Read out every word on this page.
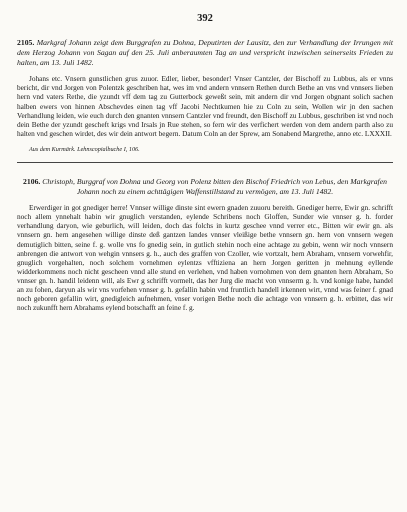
392
2105. Markgraf Johann zeigt dem Burggrafen zu Dohna, Deputirten der Lausitz, den zur Verhandlung der Irrungen mit dem Herzog Johann von Sagan auf den 25. Juli anberaumten Tag an und verspricht inzwischen seinerseits Frieden zu halten, am 13. Juli 1482.
Johans etc. Vnsern gunstlichen grus zuuor. Edler, lieber, besonder! Vnser Cantzler, der Bischoff zu Lubbus, als er vnns bericht, dir vnd Jorgen von Polentzk geschriben hat, wes im vnd andern vnnsern Rethen durch Bethe an vns vnd vnnsers lieben hern vnd vaters Rethe, die yzundt vff dem tag zu Gutterbock geweßt sein, mit andern dir vnd Jorgen obgnant solich sachen halben ewers von hinnen Abschevdes einen tag vff Jacobi Nechtkumen hie zu Coln zu sein, Wollen wir jn den sachen Verhandlung leiden, wie euch durch den gnanten vnnsern Cantzler vnd freundt, den Bischoff zu Lubbus, geschriben ist vnd noch dein Bethe der yzundt gescheft krigs vnd Irsals jn Rue stehen, so fern wir des verfichert werden von dem andern parth also zu halten vnd geschen wirdet, des wir dein antwort begern. Datum Coln an der Sprew, am Sonabend Margrethe, anno etc. LXXXII.
Aus dem Kurmärk. Lehnscopialbuche I, 106.
2106. Christoph, Burggraf von Dohna und Georg von Polenz bitten den Bischof Friedrich von Lebus, den Markgrafen Johann noch zu einem achttägigen Waffenstillstand zu vermögen, am 13. Juli 1482.
Erwerdiger in got gnediger herre! Vnnser willige dinste sint ewern gnaden zuuoru bereith. Gnediger herre, Ewir gn. schrifft noch allem ynnehalt habin wir gnuglich verstanden, eylende Schribens noch Gloffen, Sunder wie vnnser g. h. forder verhandlung daryon, wie geburlich, will leiden, doch das folchs in kurtz geschee vnnd verrer etc., Bitten wir ewir gn. als vnnsern gn. hern angesehen willige dinste deß gantzen landes vnnser vleißige bethe vnnsern gn. hern von vnnsern wegen demutiglich bitten, seine f. g. wolle vns fo gnedig sein, in gutlich stehin noch eine achtage zu gebin, wenn wir noch vnnsern anbrengen die antwort von wehgin vnnsers g. h., auch des graffen von Czoller, wie vortzalt, hern Abraham, vnnsern vorwehfir, gnuglich vorgehalten, noch solchem vornehmen eylentzs vfftiziena an hern Jorgen geritten jn mehnung eyllende widderkommens noch nicht gescheen vnnd alle stund en verlehen, vnd haben vornohmen von dem gnanten hern Abraham, So vnnser gn. h. handil leidenn will, als Ewr g schrifft vormelt, das her Jurg die macht von vnnserm g. h. vnd konige habe, handel an zu fohen, daryun als wir vns vorfehen vnnser g. h. gefallin habin vnd fruntlich handell irkennen wirt, vnnd was feiner f. gnad noch geboren gefallin wirt, gnedigleich aufnehmen, vnser vorigen Bethe noch die achtage von vnnsern g. h. erbittet, das wir noch zukunfft hern Abrahams eylend botschafft an feine f. g.
